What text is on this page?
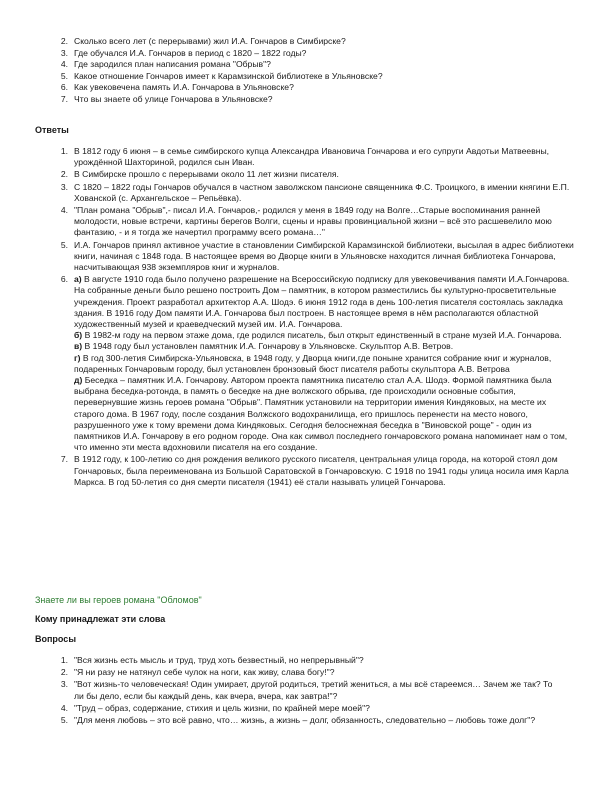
2. Сколько всего лет (с перерывами) жил И.А. Гончаров в Симбирске?
3. Где обучался И.А. Гончаров в период с 1820 – 1822 годы?
4. Где зародился план написания романа "Обрыв"?
5. Какое отношение Гончаров имеет к Карамзинской библиотеке в Ульяновске?
6. Как увековечена память И.А. Гончарова в Ульяновске?
7. Что вы знаете об улице Гончарова в Ульяновске?
Ответы
1. В 1812 году 6 июня – в семье симбирского купца Александра Ивановича Гончарова и его супруги Авдотьи Матвеевны, урождённой Шахториной, родился сын Иван.

2. В Симбирске прошло с перерывами около 11 лет жизни писателя.

3. С 1820 – 1822 годы Гончаров обучался в частном заволжском пансионе священника Ф.С. Троицкого, в имении княгини Е.П. Хованской (с. Архангельское – Репьёвка).

4. "План романа "Обрыв",- писал И.А. Гончаров,- родился у меня в 1849 году на Волге…Старые воспоминания ранней молодости, новые встречи, картины берегов Волги, сцены и нравы провинциальной жизни – всё это расшевелило мою фантазию, - и я тогда же начертил программу всего романа…"

5. И.А. Гончаров принял активное участие в становлении Симбирской Карамзинской библиотеки, высылая в адрес библиотеки книги, начиная с 1848 года. В настоящее время во Дворце книги в Ульяновске находится личная библиотека Гончарова, насчитывающая 938 экземпляров книг и журналов.

6. а) В августе 1910 года было получено разрешение на Всероссийскую подписку для увековечивания памяти И.А.Гончарова. На собранные деньги было решено построить Дом – памятник, в котором разместились бы культурно-просветительные учреждения. Проект разработал архитектор А.А. Шодэ. 6 июня 1912 года в день 100-летия писателя состоялась закладка здания. В 1916 году Дом памяти И.А. Гончарова был построен. В настоящее время в нём располагаются областной художественный музей и краеведческий музей им. И.А. Гончарова.

б) В 1982-м году на первом этаже дома, где родился писатель, был открыт единственный в стране музей И.А. Гончарова.

в) В 1948 году был установлен памятник И.А. Гончарову в Ульяновске. Скульптор А.В. Ветров.

г) В год 300-летия Симбирска-Ульяновска, в 1948 году, у Дворца книги,где поныне хранится собрание книг и журналов, подаренных Гончаровым городу, был установлен бронзовый бюст писателя работы скульптора А.В. Ветрова

д) Беседка – памятник И.А. Гончарову. Автором проекта памятника писателю стал А.А. Шодэ. Формой памятника была выбрана беседка-ротонда, в память о беседке на дне волжского обрыва, где происходили основные события, перевернувшие жизнь героев романа "Обрыв". Памятник установили на территории имения Киндяковых, на месте их старого дома. В 1967 году, после создания Волжского водохранилища, его пришлось перенести на место нового, разрушенного уже к тому времени дома Киндяковых. Сегодня белоснежная беседка в "Виновской роще" - один из памятников И.А. Гончарову в его родном городе. Она как символ последнего гончаровского романа напоминает нам о том, что именно эти места вдохновили писателя на его создание.

7. В 1912 году, к 100-летию со дня рождения великого русского писателя, центральная улица города, на которой стоял дом Гончаровых, была переименована из Большой Саратовской в Гончаровскую. С 1918 по 1941 годы улица носила имя Карла Маркса. В год 50-летия со дня смерти писателя (1941) её стали называть улицей Гончарова.

Знаете ли вы героев романа "Обломов"
Кому принадлежат эти слова
Вопросы
1. "Вся жизнь есть мысль и труд, труд хоть безвестный, но непрерывный"?
2. "Я ни разу не натянул себе чулок на ноги, как живу, слава богу!"?
3. "Вот жизнь-то человеческая! Один умирает, другой родиться, третий жениться, а мы всё стареемся… Зачем же так? То ли бы дело, если бы каждый день, как вчера, вчера, как завтра!"?
4. "Труд – образ, содержание, стихия и цель жизни, по крайней мере моей"?
5. "Для меня любовь – это всё равно, что… жизнь, а жизнь – долг, обязанность, следовательно – любовь тоже долг"?
